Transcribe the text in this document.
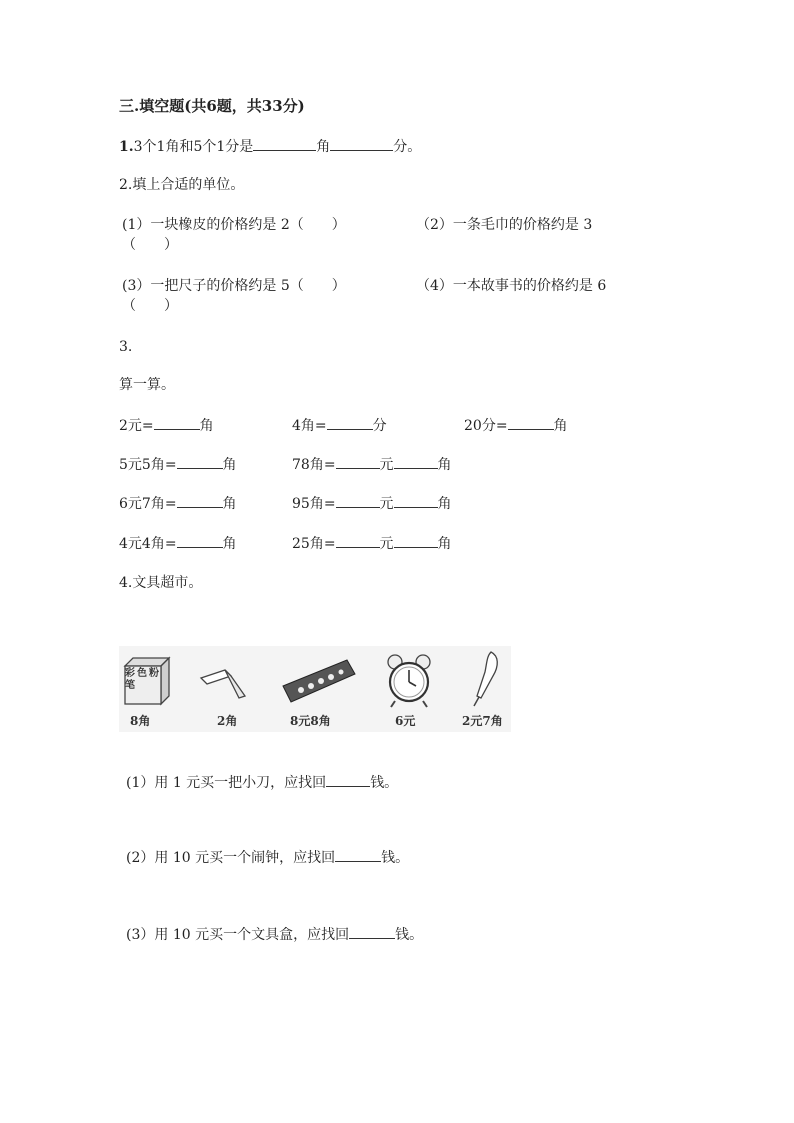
三.填空题(共6题，共33分)
1.3个1角和5个1分是	角	分。
2.填上合适的单位。
(1）一块橡皮的价格约是 2（　　）	（2）一条毛巾的价格约是 3
（　　）
(3）一把尺子的价格约是 5（　　）	（4）一本故事书的价格约是 6
（　　）
3.
算一算。
2元=	角	4角=	分	20分=	角
5元5角=	角	78角=	元	角
6元7角=	角	95角=	元	角
4元4角=	角	25角=	元	角
4.文具超市。
彩色粉笔
8角	2角	8元8角	6元	2元7角
(1）用 1 元买一把小刀，应找回	钱。
(2）用 10 元买一个闹钟，应找回	钱。
(3）用 10 元买一个文具盒，应找回	钱。
